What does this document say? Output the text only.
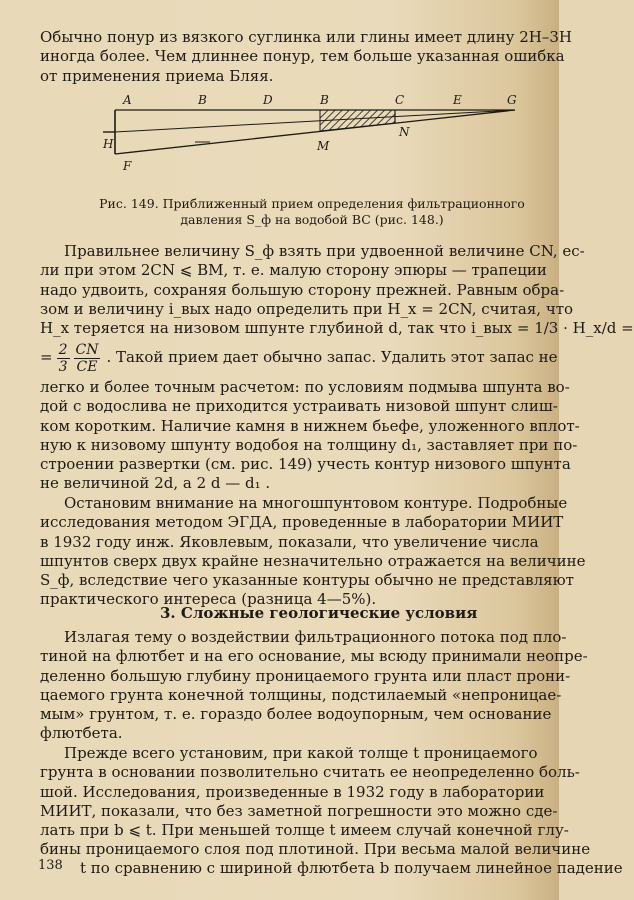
Обычно понур из вязкого суглинка или глины имеет длину 2H–3H
иногда более. Чем длиннее понур, тем больше указанная ошибка
от применения приема Бляя.
A	B	D	B	C	E	G
F
M
N
H

Рис. 149. Приближенный прием определения фильтрационного
давления S_ф на водобой BC (рис. 148.)

Правильнее величину S_ф взять при удвоенной величине CN, ес-
ли при этом 2CN ⩽ BM, т. е. малую сторону эпюры — трапеции
надо удвоить, сохраняя большую сторону прежней. Равным обра-
зом и величину i_вых надо определить при H_x = 2CN, считая, что
H_x теряется на низовом шпунте глубиной d, так что i_вых = 1/3 · H_x/d =
= $\frac{2}{3} \frac{CN}{CE}$ . Такой прием дает обычно запас. Удалить этот запас не
легко и более точным расчетом: по условиям подмыва шпунта во-
дой с водослива не приходится устраивать низовой шпунт слиш-
ком коротким. Наличие камня в нижнем бьефе, уложенного вплот-
ную к низовому шпунту водобоя на толщину d₁, заставляет при по-
строении развертки (см. рис. 149) учесть контур низового шпунта
не величиной 2d, а 2 d — d₁ .
Остановим внимание на многошпунтовом контуре. Подробные
исследования методом ЭГДА, проведенные в лаборатории МИИТ
в 1932 году инж. Яковлевым, показали, что увеличение числа
шпунтов сверх двух крайне незначительно отражается на величине
S_ф, вследствие чего указанные контуры обычно не представляют
практического интереса (разница 4—5%).

3. Сложные геологические условия

Излагая тему о воздействии фильтрационного потока под пло-
тиной на флютбет и на его основание, мы всюду принимали неопре-
деленно большую глубину проницаемого грунта или пласт прони-
цаемого грунта конечной толщины, подстилаемый «непроницае-
мым» грунтом, т. е. гораздо более водоупорным, чем основание
флютбета.
Прежде всего установим, при какой толще t проницаемого
грунта в основании позволительно считать ее неопределенно боль-
шой. Исследования, произведенные в 1932 году в лаборатории
МИИТ, показали, что без заметной погрешности это можно сде-
лать при b ⩽ t. При меньшей толще t имеем случай конечной глу-
бины проницаемого слоя под плотиной. При весьма малой величине
t по сравнению с шириной флютбета b получаем линейное падение

138
